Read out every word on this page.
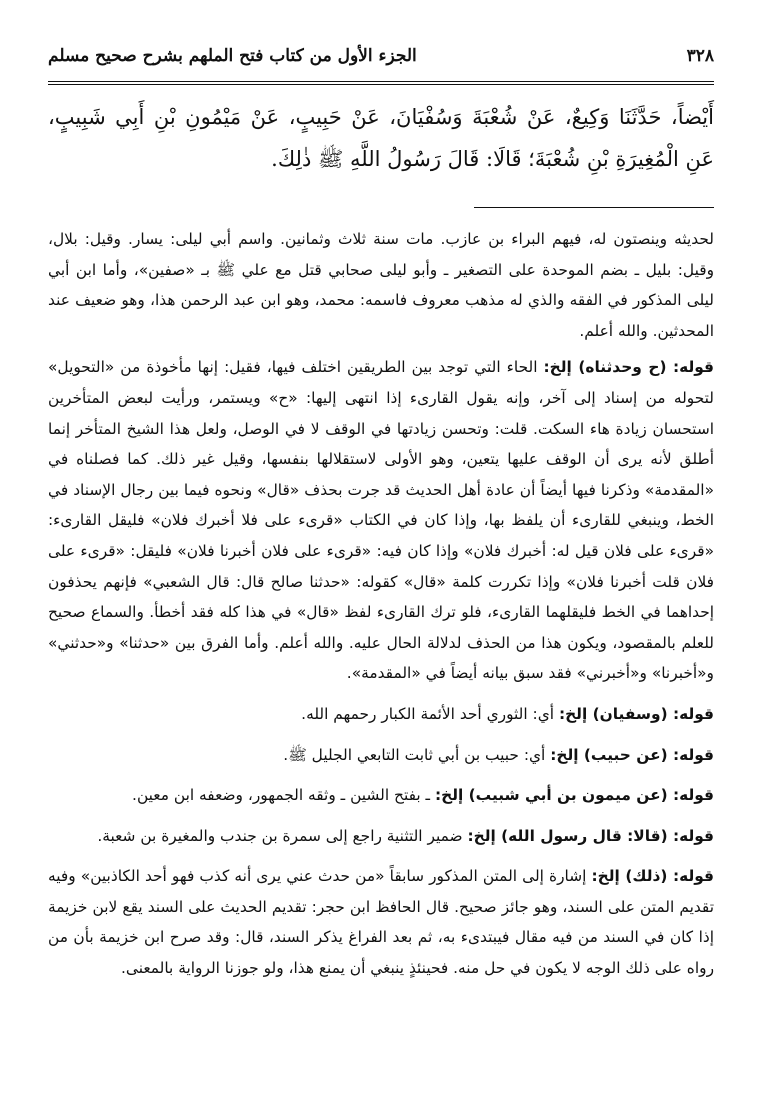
٣٢٨
الجزء الأول من كتاب فتح الملهم بشرح صحيح مسلم
أَيْضاً، حَدَّثَنَا وَكِيعٌ، عَنْ شُعْبَةَ وَسُفْيَانَ، عَنْ حَبِيبٍ، عَنْ مَيْمُونِ بْنِ أَبِي شَبِيبٍ، عَنِ الْمُغِيرَةِ بْنِ شُعْبَةَ؛ قَالَا: قَالَ رَسُولُ اللَّهِ ﷺ ذٰلِكَ.

لحديثه وينصتون له، فيهم البراء بن عازب. مات سنة ثلاث وثمانين. واسم أبي ليلى: يسار. وقيل: بلال، وقيل: بليل ـ بضم الموحدة على التصغير ـ وأبو ليلى صحابي قتل مع علي ﷺ بـ «صفين»، وأما ابن أبي ليلى المذكور في الفقه والذي له مذهب معروف فاسمه: محمد، وهو ابن عبد الرحمن هذا، وهو ضعيف عند المحدثين. والله أعلم.

قوله: (ح وحدثناه) إلخ: الحاء التي توجد بين الطريقين اختلف فيها، فقيل: إنها مأخوذة من «التحويل» لتحوله من إسناد إلى آخر، وإنه يقول القارىء إذا انتهى إليها: «ح» ويستمر، ورأيت لبعض المتأخرين استحسان زيادة هاء السكت. قلت: وتحسن زيادتها في الوقف لا في الوصل، ولعل هذا الشيخ المتأخر إنما أطلق لأنه يرى أن الوقف عليها يتعين، وهو الأولى لاستقلالها بنفسها، وقيل غير ذلك. كما فصلناه في «المقدمة» وذكرنا فيها أيضاً أن عادة أهل الحديث قد جرت بحذف «قال» ونحوه فيما بين رجال الإسناد في الخط، وينبغي للقارىء أن يلفظ بها، وإذا كان في الكتاب «قرىء على فلا أخبرك فلان» فليقل القارىء: «قرىء على فلان قيل له: أخبرك فلان» وإذا كان فيه: «قرىء على فلان أخبرنا فلان» فليقل: «قرىء على فلان قلت أخبرنا فلان» وإذا تكررت كلمة «قال» كقوله: «حدثنا صالح قال: قال الشعبي» فإنهم يحذفون إحداهما في الخط فليقلهما القارىء، فلو ترك القارىء لفظ «قال» في هذا كله فقد أخطأ. والسماع صحيح للعلم بالمقصود، ويكون هذا من الحذف لدلالة الحال عليه. والله أعلم. وأما الفرق بين «حدثنا» و«حدثني» و«أخبرنا» و«أخبرني» فقد سبق بيانه أيضاً في «المقدمة».

قوله: (وسفيان) إلخ: أي: الثوري أحد الأئمة الكبار رحمهم الله.

قوله: (عن حبيب) إلخ: أي: حبيب بن أبي ثابت التابعي الجليل ﷺ.

قوله: (عن ميمون بن أبي شبيب) إلخ: ـ بفتح الشين ـ وثقه الجمهور، وضعفه ابن معين.

قوله: (قالا: قال رسول الله) إلخ: ضمير التثنية راجع إلى سمرة بن جندب والمغيرة بن شعبة.

قوله: (ذلك) إلخ: إشارة إلى المتن المذكور سابقاً «من حدث عني يرى أنه كذب فهو أحد الكاذبين» وفيه تقديم المتن على السند، وهو جائز صحيح. قال الحافظ ابن حجر: تقديم الحديث على السند يقع لابن خزيمة إذا كان في السند من فيه مقال فيبتدىء به، ثم بعد الفراغ يذكر السند، قال: وقد صرح ابن خزيمة بأن من رواه على ذلك الوجه لا يكون في حل منه. فحينئذٍ ينبغي أن يمنع هذا، ولو جوزنا الرواية بالمعنى.
